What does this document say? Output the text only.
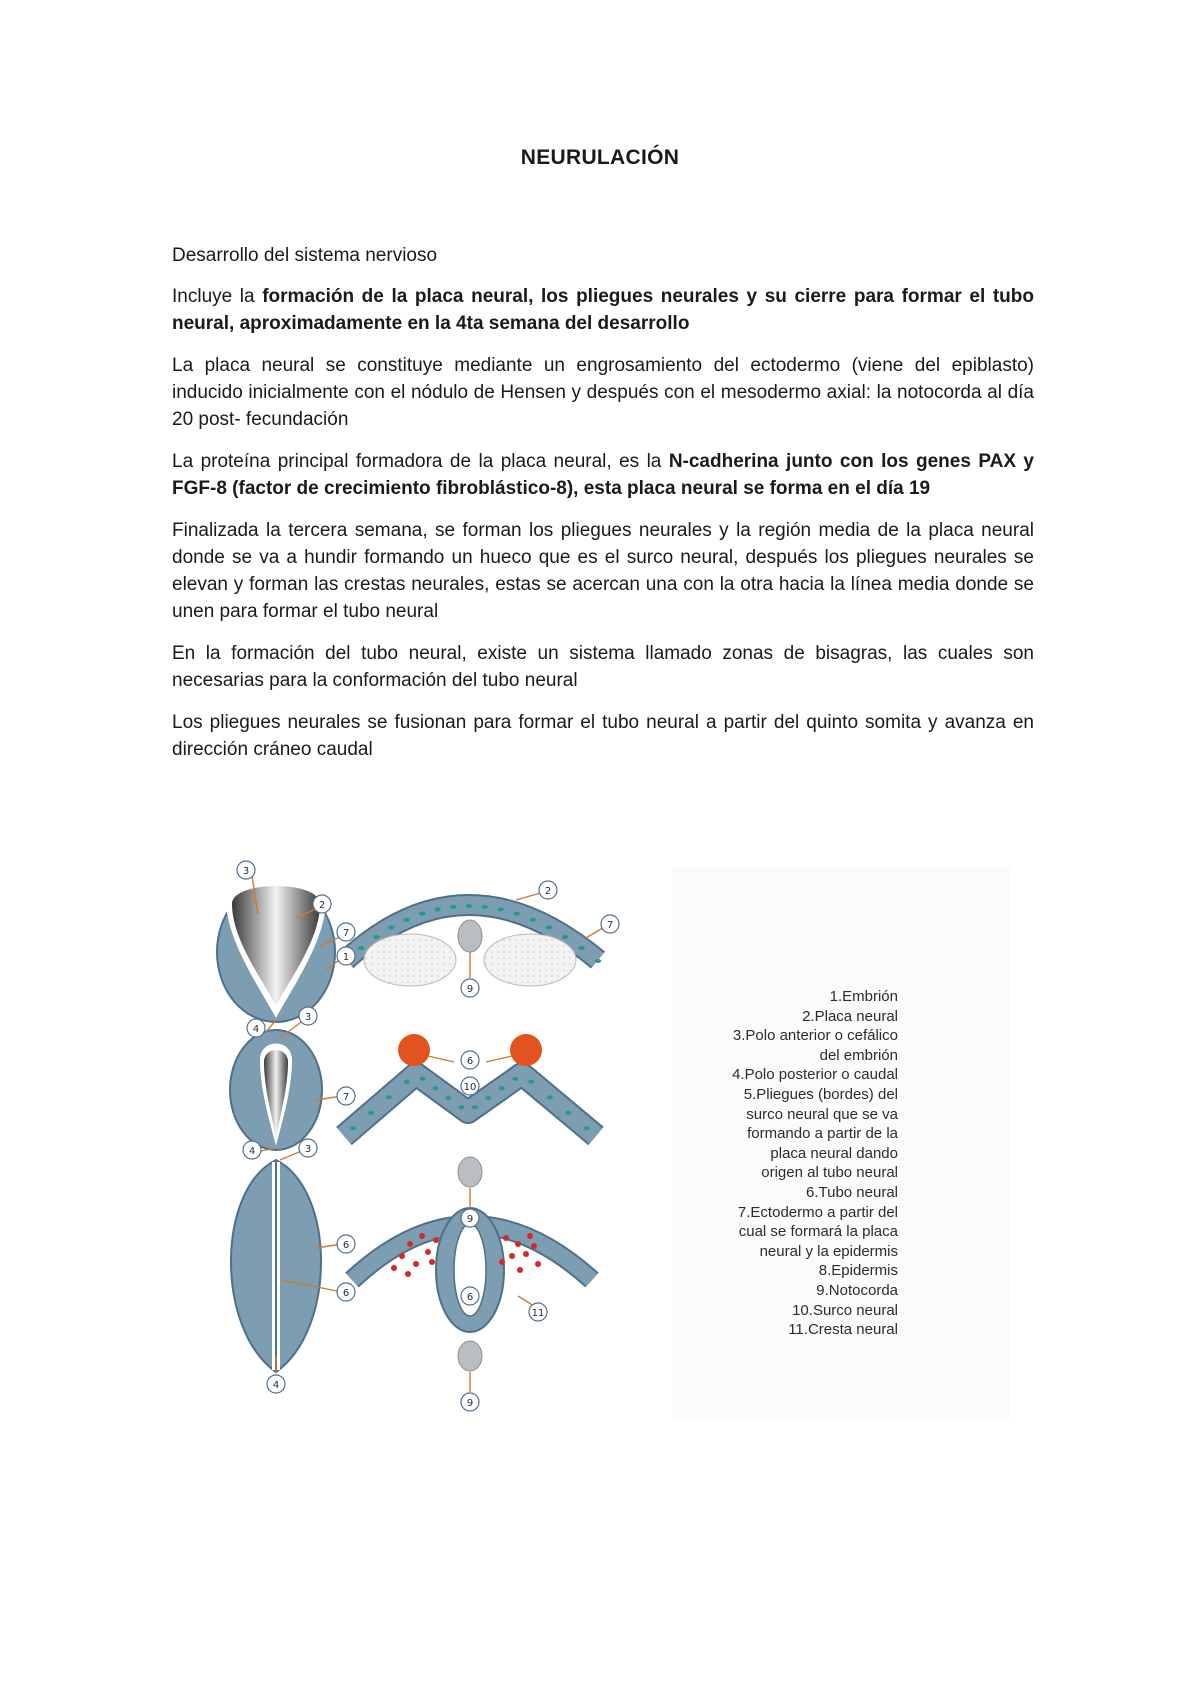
NEURULACIÓN

Desarrollo del sistema nervioso

Incluye la formación de la placa neural, los pliegues neurales y su cierre para formar el tubo neural, aproximadamente en la 4ta semana del desarrollo

La placa neural se constituye mediante un engrosamiento del ectodermo (viene del epiblasto) inducido inicialmente con el nódulo de Hensen y después con el mesodermo axial: la notocorda al día 20 post- fecundación

La proteína principal formadora de la placa neural, es la N-cadherina junto con los genes PAX y FGF-8 (factor de crecimiento fibroblástico-8), esta placa neural se forma en el día 19

Finalizada la tercera semana, se forman los pliegues neurales y la región media de la placa neural donde se va a hundir formando un hueco que es el surco neural, después los pliegues neurales se elevan y forman las crestas neurales, estas se acercan una con la otra hacia la línea media donde se unen para formar el tubo neural

En la formación del tubo neural, existe un sistema llamado zonas de bisagras, las cuales son necesarias para la conformación del tubo neural

Los pliegues neurales se fusionan para formar el tubo neural a partir del quinto somita y avanza en dirección cráneo caudal

3
2
7
1
4
3
7
4	3
6
6
4
2
7
9
6
10
9
6
11
9
1.Embrión
2.Placa neural
3.Polo anterior o cefálico
del embrión
4.Polo posterior o caudal
5.Pliegues (bordes) del
surco neural que se va
formando a partir de la
placa neural dando
origen al tubo neural
6.Tubo neural
7.Ectodermo a partir del
cual se formará la placa
neural y la epidermis
8.Epidermis
9.Notocorda
10.Surco neural
11.Cresta neural
